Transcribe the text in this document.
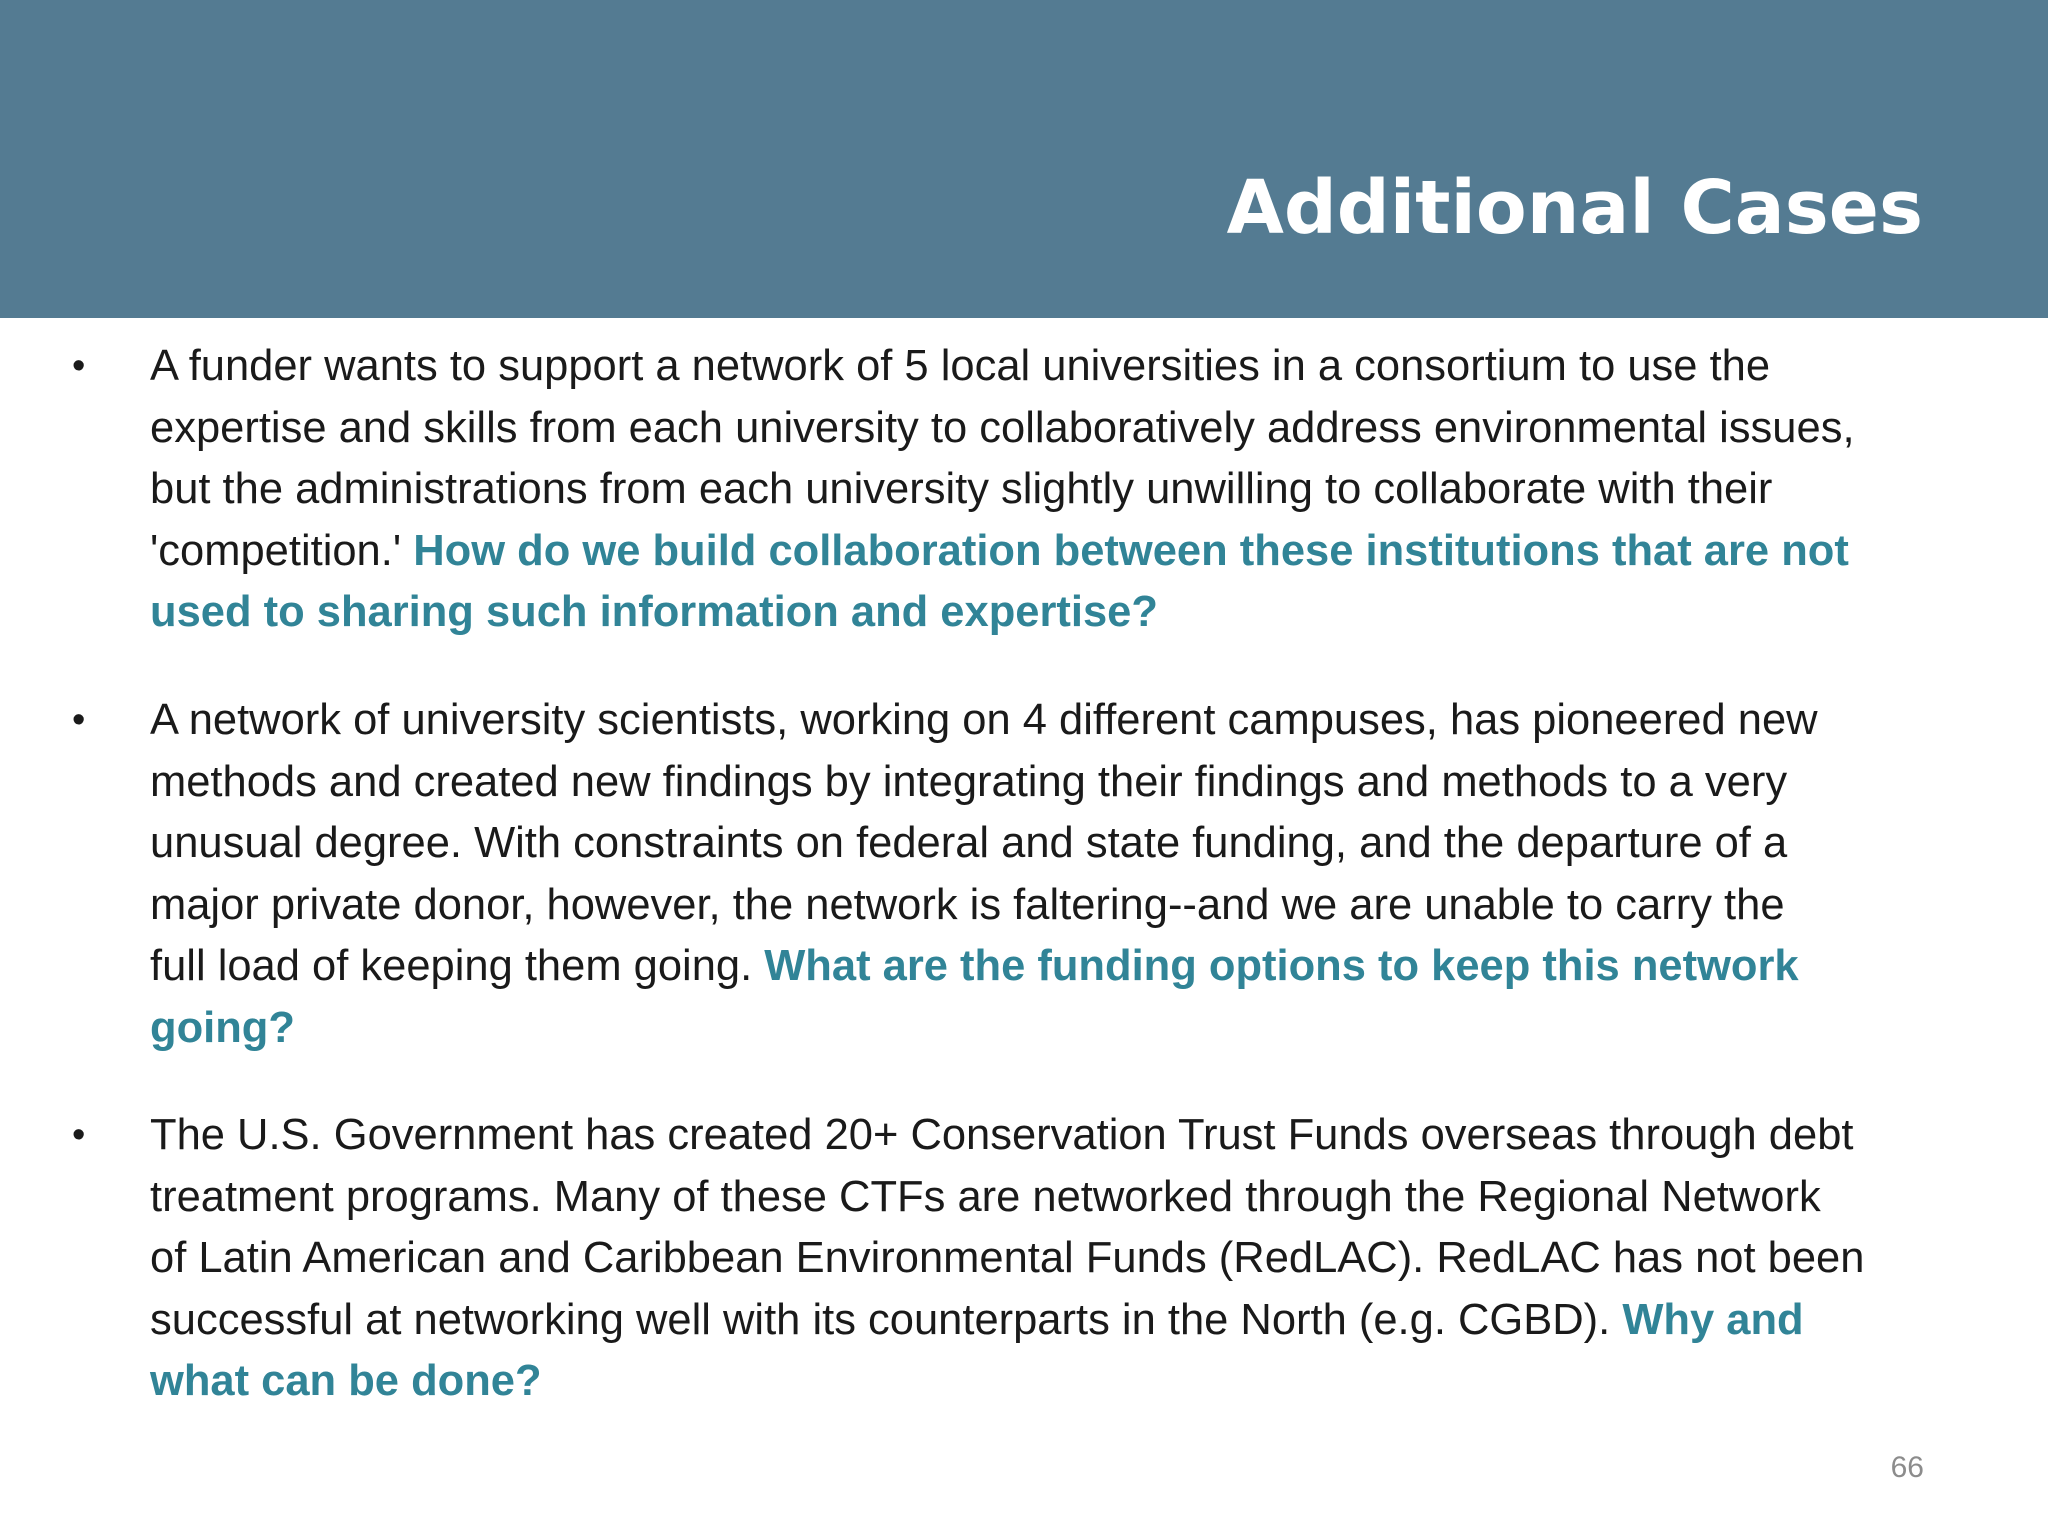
Additional Cases
• A funder wants to support a network of 5 local universities in a consortium to use the
expertise and skills from each university to collaboratively address environmental issues,
but the administrations from each university slightly unwilling to collaborate with their
'competition.' How do we build collaboration between these institutions that are not
used to sharing such information and expertise?

• A network of university scientists, working on 4 different campuses, has pioneered new
methods and created new findings by integrating their findings and methods to a very
unusual degree. With constraints on federal and state funding, and the departure of a
major private donor, however, the network is faltering--and we are unable to carry the
full load of keeping them going. What are the funding options to keep this network
going?

• The U.S. Government has created 20+ Conservation Trust Funds overseas through debt
treatment programs. Many of these CTFs are networked through the Regional Network
of Latin American and Caribbean Environmental Funds (RedLAC). RedLAC has not been
successful at networking well with its counterparts in the North (e.g. CGBD). Why and
what can be done?

66
